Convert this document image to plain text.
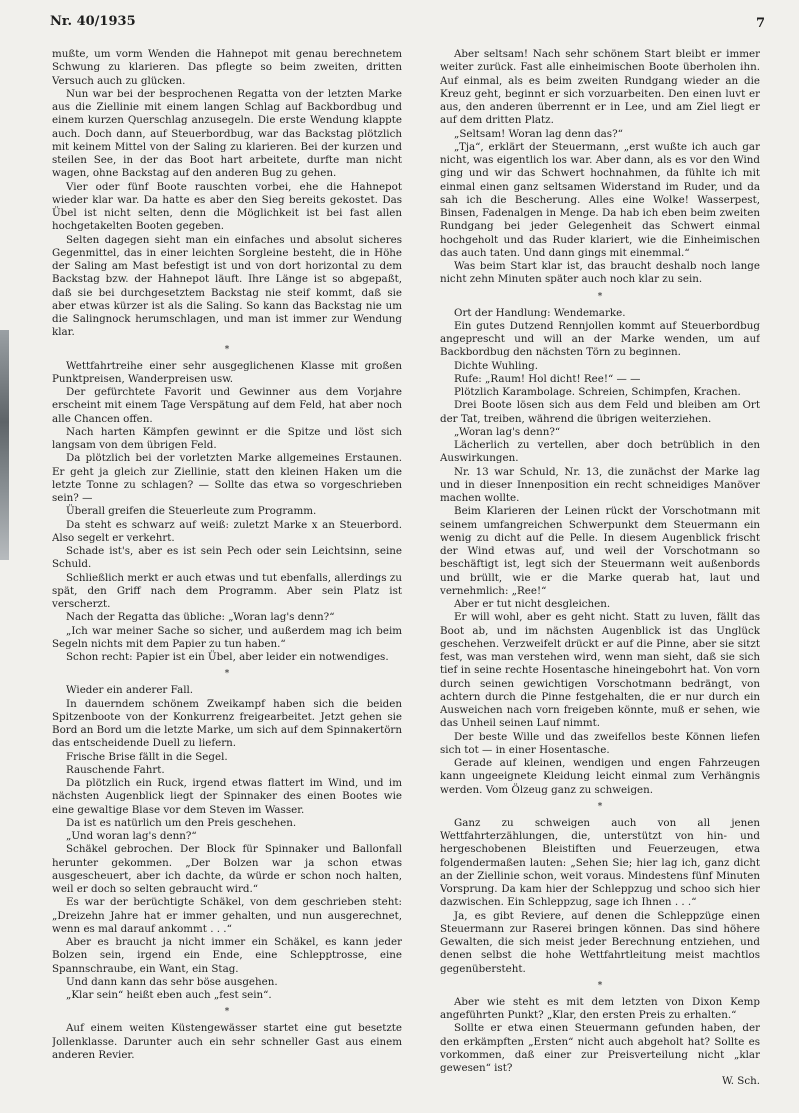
Nr. 40/1935	7

mußte, um vorm Wenden die Hahnepot mit genau berechnetem Schwung zu klarieren. Das pflegte so beim zweiten, dritten Versuch auch zu glücken.

Nun war bei der besprochenen Regatta von der letzten Marke aus die Ziellinie mit einem langen Schlag auf Backbordbug und einem kurzen Querschlag anzusegeln. Die erste Wendung klappte auch. Doch dann, auf Steuerbordbug, war das Backstag plötzlich mit keinem Mittel von der Saling zu klarieren. Bei der kurzen und steilen See, in der das Boot hart arbeitete, durfte man nicht wagen, ohne Backstag auf den anderen Bug zu gehen.

Vier oder fünf Boote rauschten vorbei, ehe die Hahnepot wieder klar war. Da hatte es aber den Sieg bereits gekostet. Das Übel ist nicht selten, denn die Möglichkeit ist bei fast allen hochgetakelten Booten gegeben.

Selten dagegen sieht man ein einfaches und absolut sicheres Gegenmittel, das in einer leichten Sorgleine besteht, die in Höhe der Saling am Mast befestigt ist und von dort horizontal zu dem Backstag bzw. der Hahnepot läuft. Ihre Länge ist so abgepaßt, daß sie bei durchgesetztem Backstag nie steif kommt, daß sie aber etwas kürzer ist als die Saling. So kann das Backstag nie um die Salingnock herumschlagen, und man ist immer zur Wendung klar.

*

Wettfahrtreihe einer sehr ausgeglichenen Klasse mit großen Punktpreisen, Wanderpreisen usw.

Der gefürchtete Favorit und Gewinner aus dem Vorjahre erscheint mit einem Tage Verspätung auf dem Feld, hat aber noch alle Chancen offen.

Nach harten Kämpfen gewinnt er die Spitze und löst sich langsam von dem übrigen Feld.

Da plötzlich bei der vorletzten Marke allgemeines Erstaunen. Er geht ja gleich zur Ziellinie, statt den kleinen Haken um die letzte Tonne zu schlagen? — Sollte das etwa so vorgeschrieben sein? —

Überall greifen die Steuerleute zum Programm.

Da steht es schwarz auf weiß: zuletzt Marke x an Steuerbord. Also segelt er verkehrt.

Schade ist's, aber es ist sein Pech oder sein Leichtsinn, seine Schuld.

Schließlich merkt er auch etwas und tut ebenfalls, allerdings zu spät, den Griff nach dem Programm. Aber sein Platz ist verscherzt.

Nach der Regatta das übliche: „Woran lag's denn?“

„Ich war meiner Sache so sicher, und außerdem mag ich beim Segeln nichts mit dem Papier zu tun haben.“

Schon recht: Papier ist ein Übel, aber leider ein notwendiges.

*

Wieder ein anderer Fall.

In dauerndem schönem Zweikampf haben sich die beiden Spitzenboote von der Konkurrenz freigearbeitet. Jetzt gehen sie Bord an Bord um die letzte Marke, um sich auf dem Spinnakertörn das entscheidende Duell zu liefern.

Frische Brise fällt in die Segel.

Rauschende Fahrt.

Da plötzlich ein Ruck, irgend etwas flattert im Wind, und im nächsten Augenblick liegt der Spinnaker des einen Bootes wie eine gewaltige Blase vor dem Steven im Wasser.

Da ist es natürlich um den Preis geschehen.

„Und woran lag's denn?“

Schäkel gebrochen. Der Block für Spinnaker und Ballonfall herunter gekommen. „Der Bolzen war ja schon etwas ausgescheuert, aber ich dachte, da würde er schon noch halten, weil er doch so selten gebraucht wird.“

Es war der berüchtigte Schäkel, von dem geschrieben steht: „Dreizehn Jahre hat er immer gehalten, und nun ausgerechnet, wenn es mal darauf ankommt . . .“

Aber es braucht ja nicht immer ein Schäkel, es kann jeder Bolzen sein, irgend ein Ende, eine Schlepptrosse, eine Spannschraube, ein Want, ein Stag.

Und dann kann das sehr böse ausgehen.

„Klar sein“ heißt eben auch „fest sein“.

*

Auf einem weiten Küstengewässer startet eine gut besetzte Jollenklasse. Darunter auch ein sehr schneller Gast aus einem anderen Revier.

Aber seltsam! Nach sehr schönem Start bleibt er immer weiter zurück. Fast alle einheimischen Boote überholen ihn. Auf einmal, als es beim zweiten Rundgang wieder an die Kreuz geht, beginnt er sich vorzuarbeiten. Den einen luvt er aus, den anderen überrennt er in Lee, und am Ziel liegt er auf dem dritten Platz.

„Seltsam! Woran lag denn das?“

„Tja“, erklärt der Steuermann, „erst wußte ich auch gar nicht, was eigentlich los war. Aber dann, als es vor den Wind ging und wir das Schwert hochnahmen, da fühlte ich mit einmal einen ganz seltsamen Widerstand im Ruder, und da sah ich die Bescherung. Alles eine Wolke! Wasserpest, Binsen, Fadenalgen in Menge. Da hab ich eben beim zweiten Rundgang bei jeder Gelegenheit das Schwert einmal hochgeholt und das Ruder klariert, wie die Einheimischen das auch taten. Und dann gings mit einemmal.“

Was beim Start klar ist, das braucht deshalb noch lange nicht zehn Minuten später auch noch klar zu sein.

*

Ort der Handlung: Wendemarke.

Ein gutes Dutzend Rennjollen kommt auf Steuerbordbug angeprescht und will an der Marke wenden, um auf Backbordbug den nächsten Törn zu beginnen.

Dichte Wuhling.

Rufe: „Raum! Hol dicht! Ree!“ — —

Plötzlich Karambolage. Schreien, Schimpfen, Krachen.

Drei Boote lösen sich aus dem Feld und bleiben am Ort der Tat, treiben, während die übrigen weiterziehen.

„Woran lag's denn?“

Lächerlich zu vertellen, aber doch betrüblich in den Auswirkungen.

Nr. 13 war Schuld, Nr. 13, die zunächst der Marke lag und in dieser Innenposition ein recht schneidiges Manöver machen wollte.

Beim Klarieren der Leinen rückt der Vorschotmann mit seinem umfangreichen Schwerpunkt dem Steuermann ein wenig zu dicht auf die Pelle. In diesem Augenblick frischt der Wind etwas auf, und weil der Vorschotmann so beschäftigt ist, legt sich der Steuermann weit außenbords und brüllt, wie er die Marke querab hat, laut und vernehmlich: „Ree!“

Aber er tut nicht desgleichen.

Er will wohl, aber es geht nicht. Statt zu luven, fällt das Boot ab, und im nächsten Augenblick ist das Unglück geschehen. Verzweifelt drückt er auf die Pinne, aber sie sitzt fest, was man verstehen wird, wenn man sieht, daß sie sich tief in seine rechte Hosentasche hineingebohrt hat. Von vorn durch seinen gewichtigen Vorschotmann bedrängt, von achtern durch die Pinne festgehalten, die er nur durch ein Ausweichen nach vorn freigeben könnte, muß er sehen, wie das Unheil seinen Lauf nimmt.

Der beste Wille und das zweifellos beste Können liefen sich tot — in einer Hosentasche.

Gerade auf kleinen, wendigen und engen Fahrzeugen kann ungeeignete Kleidung leicht einmal zum Verhängnis werden. Vom Ölzeug ganz zu schweigen.

*

Ganz zu schweigen auch von all jenen Wettfahrterzählungen, die, unterstützt von hin- und hergeschobenen Bleistiften und Feuerzeugen, etwa folgendermaßen lauten: „Sehen Sie; hier lag ich, ganz dicht an der Ziellinie schon, weit voraus. Mindestens fünf Minuten Vorsprung. Da kam hier der Schleppzug und schoo sich hier dazwischen. Ein Schleppzug, sage ich Ihnen . . .“

Ja, es gibt Reviere, auf denen die Schleppzüge einen Steuermann zur Raserei bringen können. Das sind höhere Gewalten, die sich meist jeder Berechnung entziehen, und denen selbst die hohe Wettfahrtleitung meist machtlos gegenübersteht.

*

Aber wie steht es mit dem letzten von Dixon Kemp angeführten Punkt? „Klar, den ersten Preis zu erhalten.“

Sollte er etwa einen Steuermann gefunden haben, der den erkämpften „Ersten“ nicht auch abgeholt hat? Sollte es vorkommen, daß einer zur Preisverteilung nicht „klar gewesen“ ist?

W. Sch.
